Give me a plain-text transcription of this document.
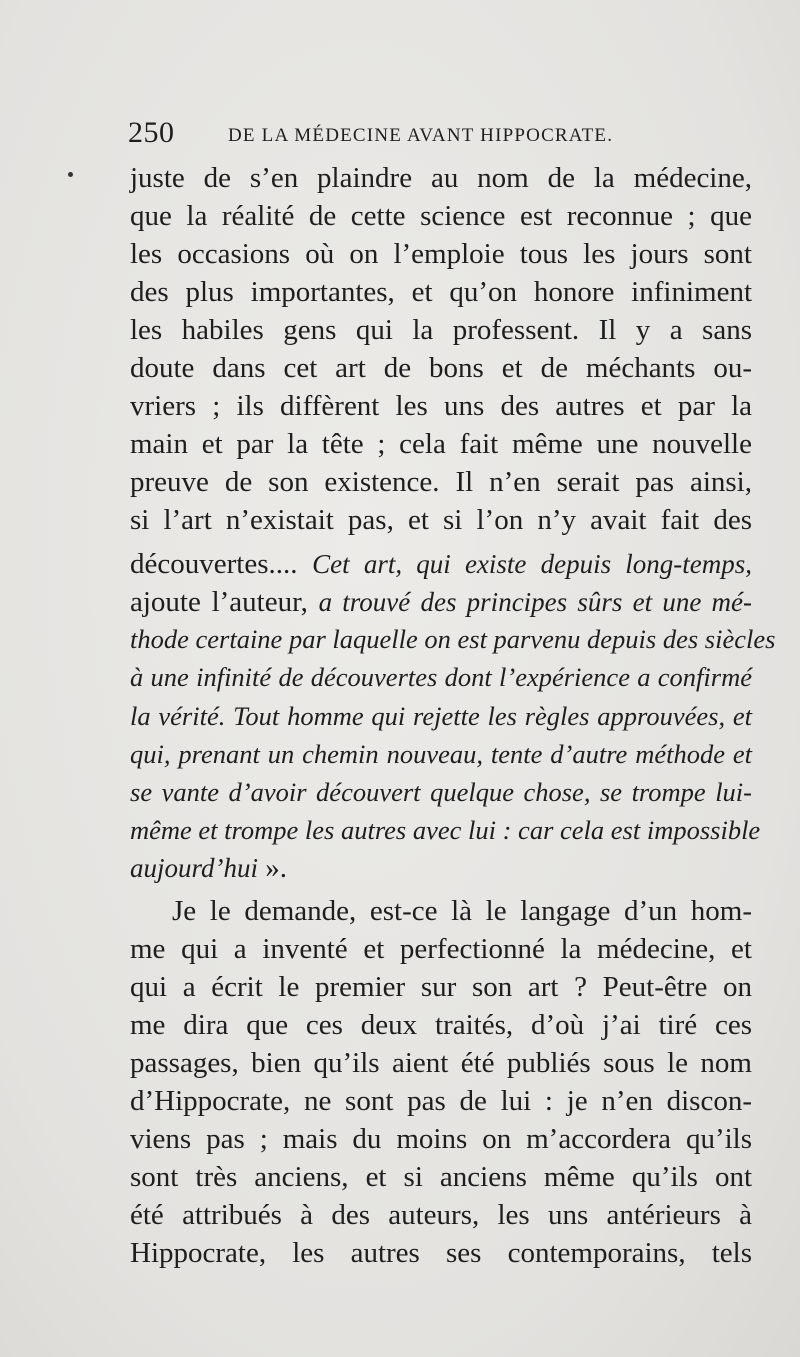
250	DE LA MÉDECINE AVANT HIPPOCRATE.
juste de s’en plaindre au nom de la médecine,
que la réalité de cette science est reconnue ; que
les occasions où on l’emploie tous les jours sont
des plus importantes, et qu’on honore infiniment
les habiles gens qui la professent. Il y a sans
doute dans cet art de bons et de méchants ou-
vriers ; ils diffèrent les uns des autres et par la
main et par la tête ; cela fait même une nouvelle
preuve de son existence. Il n’en serait pas ainsi,
si l’art n’existait pas, et si l’on n’y avait fait des
découvertes.... Cet art, qui existe depuis long-temps,
ajoute l’auteur, a trouvé des principes sûrs et une mé-
thode certaine par laquelle on est parvenu depuis des siècles
à une infinité de découvertes dont l’expérience a confirmé
la vérité. Tout homme qui rejette les règles approuvées, et
qui, prenant un chemin nouveau, tente d’autre méthode et
se vante d’avoir découvert quelque chose, se trompe lui-
même et trompe les autres avec lui : car cela est impossible
aujourd’hui ».
Je le demande, est-ce là le langage d’un hom-
me qui a inventé et perfectionné la médecine, et
qui a écrit le premier sur son art ? Peut-être on
me dira que ces deux traités, d’où j’ai tiré ces
passages, bien qu’ils aient été publiés sous le nom
d’Hippocrate, ne sont pas de lui : je n’en discon-
viens pas ; mais du moins on m’accordera qu’ils
sont très anciens, et si anciens même qu’ils ont
été attribués à des auteurs, les uns antérieurs à
Hippocrate, les autres ses contemporains, tels
